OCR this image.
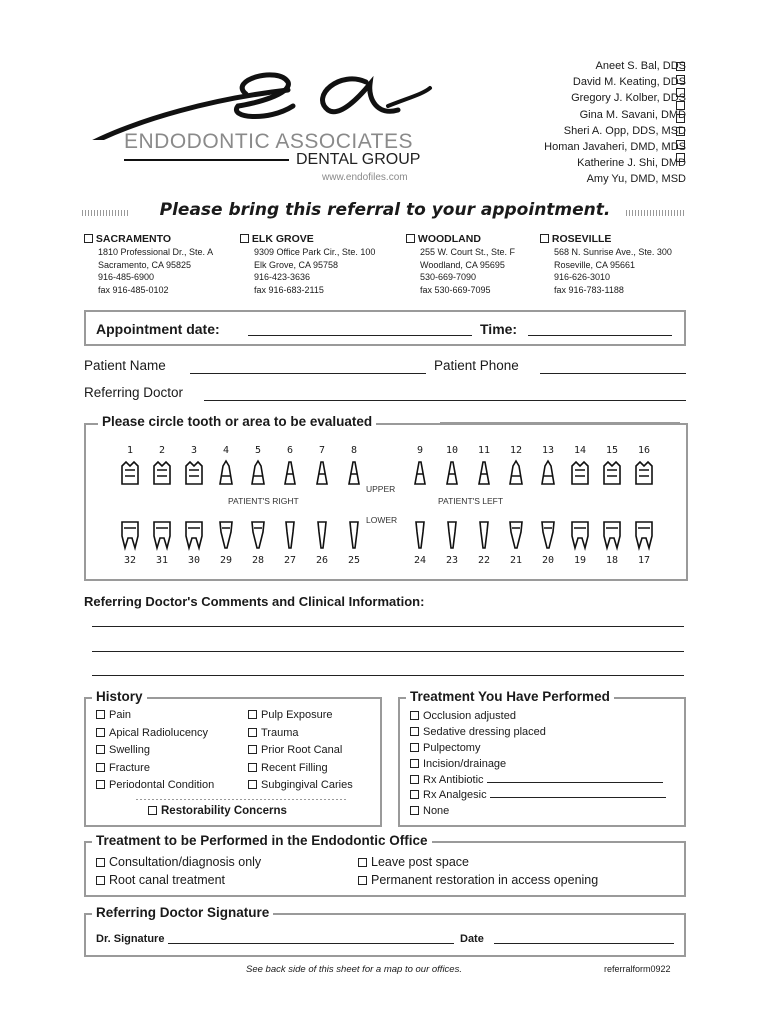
ENDODONTIC ASSOCIATES
DENTAL GROUP
www.endofiles.com
Aneet S. Bal, DDS
David M. Keating, DDS
Gregory J. Kolber, DDS
Gina M. Savani, DMD
Sheri A. Opp, DDS, MSD
Homan Javaheri, DMD, MDS
Katherine J. Shi, DMD
Amy Yu, DMD, MSD
Please bring this referral to your appointment.
SACRAMENTO
1810 Professional Dr., Ste. A
Sacramento, CA 95825
916-485-6900
fax 916-485-0102
ELK GROVE
9309 Office Park Cir., Ste. 100
Elk Grove, CA 95758
916-423-3636
fax 916-683-2115
WOODLAND
255 W. Court St., Ste. F
Woodland, CA 95695
530-669-7090
fax 530-669-7095
ROSEVILLE
568 N. Sunrise Ave., Ste. 300
Roseville, CA 95661
916-626-3010
fax 916-783-1188
Appointment date:	Time:
Patient Name	Patient Phone
Referring Doctor
Please circle tooth or area to be evaluated
1	2	3	4	5	6	7	8	9	10	11	12	13	14	15	16
PATIENT'S RIGHT
UPPER
PATIENT'S LEFT
LOWER
32	31	30	29	28	27	26	25	24	23	22	21	20	19	18	17
Referring Doctor's Comments and Clinical Information:
History
Pain
Apical Radiolucency
Swelling
Fracture
Periodontal Condition
Pulp Exposure
Trauma
Prior Root Canal
Recent Filling
Subgingival Caries
Restorability Concerns
Treatment You Have Performed
Occlusion adjusted
Sedative dressing placed
Pulpectomy
Incision/drainage
Rx Antibiotic
Rx Analgesic
None
Treatment to be Performed in the Endodontic Office
Consultation/diagnosis only	Leave post space
Root canal treatment	Permanent restoration in access opening
Referring Doctor Signature
Dr. Signature	Date
See back side of this sheet for a map to our offices.	referralform0922
